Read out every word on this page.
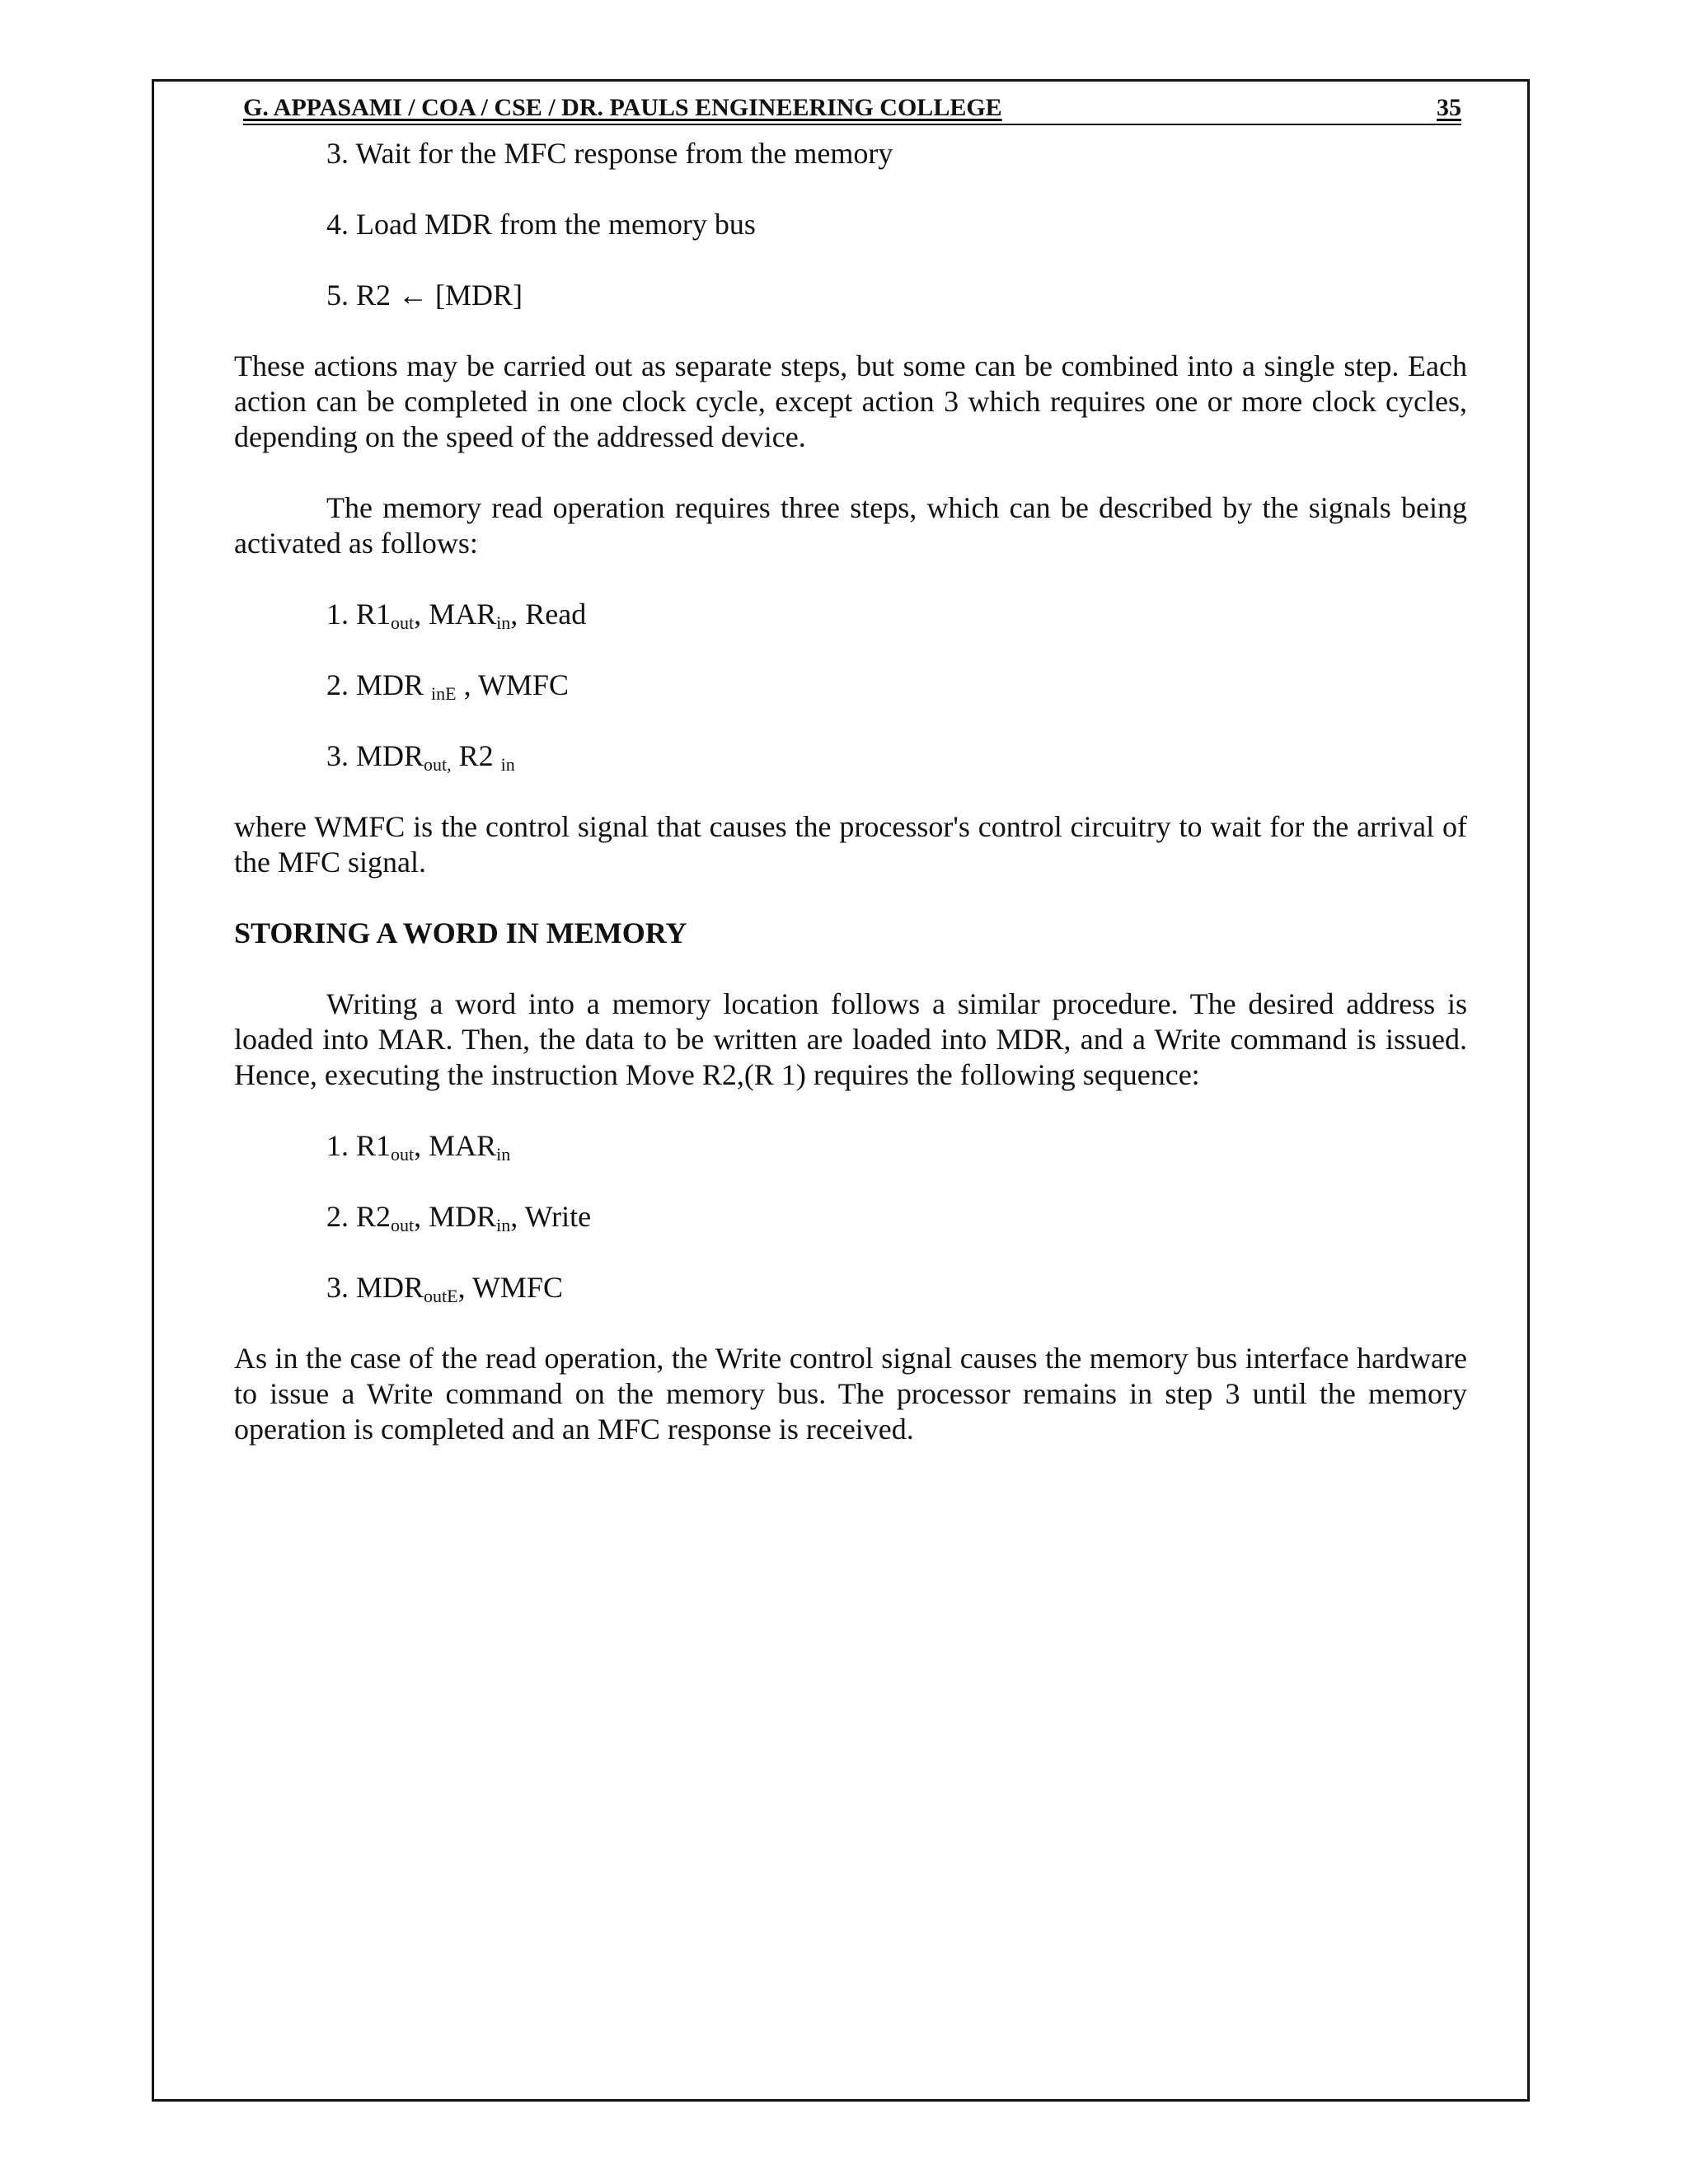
G. APPASAMI / COA / CSE / DR. PAULS ENGINEERING COLLEGE	35
3. Wait for the MFC response from the memory
4. Load MDR from the memory bus
5. R2 ← [MDR]

These actions may be carried out as separate steps, but some can be combined into a single step. Each action can be completed in one clock cycle, except action 3 which requires one or more clock cycles, depending on the speed of the addressed device.

The memory read operation requires three steps, which can be described by the signals being activated as follows:

1. $R1_{out}$, $MAR_{in}$, Read
2. MDR $_{inE}$ , WMFC
3. $MDR_{out,}$ R2 $_{in}$

where WMFC is the control signal that causes the processor's control circuitry to wait for the arrival of the MFC signal.

STORING A WORD IN MEMORY

Writing a word into a memory location follows a similar procedure. The desired address is loaded into MAR. Then, the data to be written are loaded into MDR, and a Write command is issued. Hence, executing the instruction Move R2,(R 1) requires the following sequence:

1. $R1_{out}$, $MAR_{in}$
2. $R2_{out}$, $MDR_{in}$, Write
3. $MDR_{outE}$, WMFC

As in the case of the read operation, the Write control signal causes the memory bus interface hardware to issue a Write command on the memory bus. The processor remains in step 3 until the memory operation is completed and an MFC response is received.
